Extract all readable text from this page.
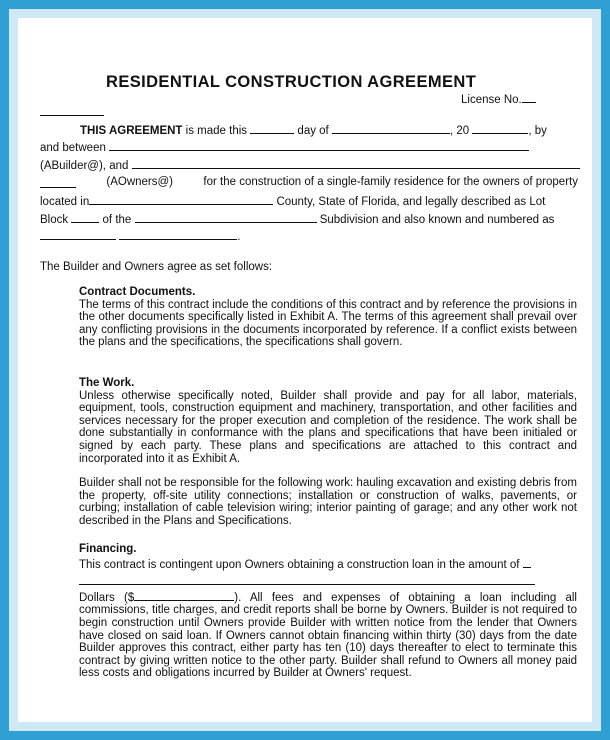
RESIDENTIAL CONSTRUCTION AGREEMENT
License No.
THIS AGREEMENT is made this	day of	, 20	, by
and between
(ABuilder@), and
(AOwners@)	for the construction of a single-family residence for the owners of property
located in	County, State of Florida, and legally described as Lot
Block	of the	Subdivision and also known and numbered as
.
The Builder and Owners agree as set follows:

Contract Documents.

The terms of this contract include the conditions of this contract and by reference the provisions in the other documents specifically listed in Exhibit A. The terms of this agreement shall prevail over any conflicting provisions in the documents incorporated by reference. If a conflict exists between the plans and the specifications, the specifications shall govern.

The Work.

Unless otherwise specifically noted, Builder shall provide and pay for all labor, materials, equipment, tools, construction equipment and machinery, transportation, and other facilities and services necessary for the proper execution and completion of the residence. The work shall be done substantially in conformance with the plans and specifications that have been initialed or signed by each party. These plans and specifications are attached to this contract and incorporated into it as Exhibit A.

Builder shall not be responsible for the following work: hauling excavation and existing debris from the property, off-site utility connections; installation or construction of walks, pavements, or curbing; installation of cable television wiring; interior painting of garage; and any other work not described in the Plans and Specifications.

Financing.

This contract is contingent upon Owners obtaining a construction loan in the amount of

Dollars ($	). All fees and expenses of obtaining a loan including all commissions, title charges, and credit reports shall be borne by Owners. Builder is not required to begin construction until Owners provide Builder with written notice from the lender that Owners have closed on said loan. If Owners cannot obtain financing within thirty (30) days from the date Builder approves this contract, either party has ten (10) days thereafter to elect to terminate this contract by giving written notice to the other party. Builder shall refund to Owners all money paid less costs and obligations incurred by Builder at Owners' request.
